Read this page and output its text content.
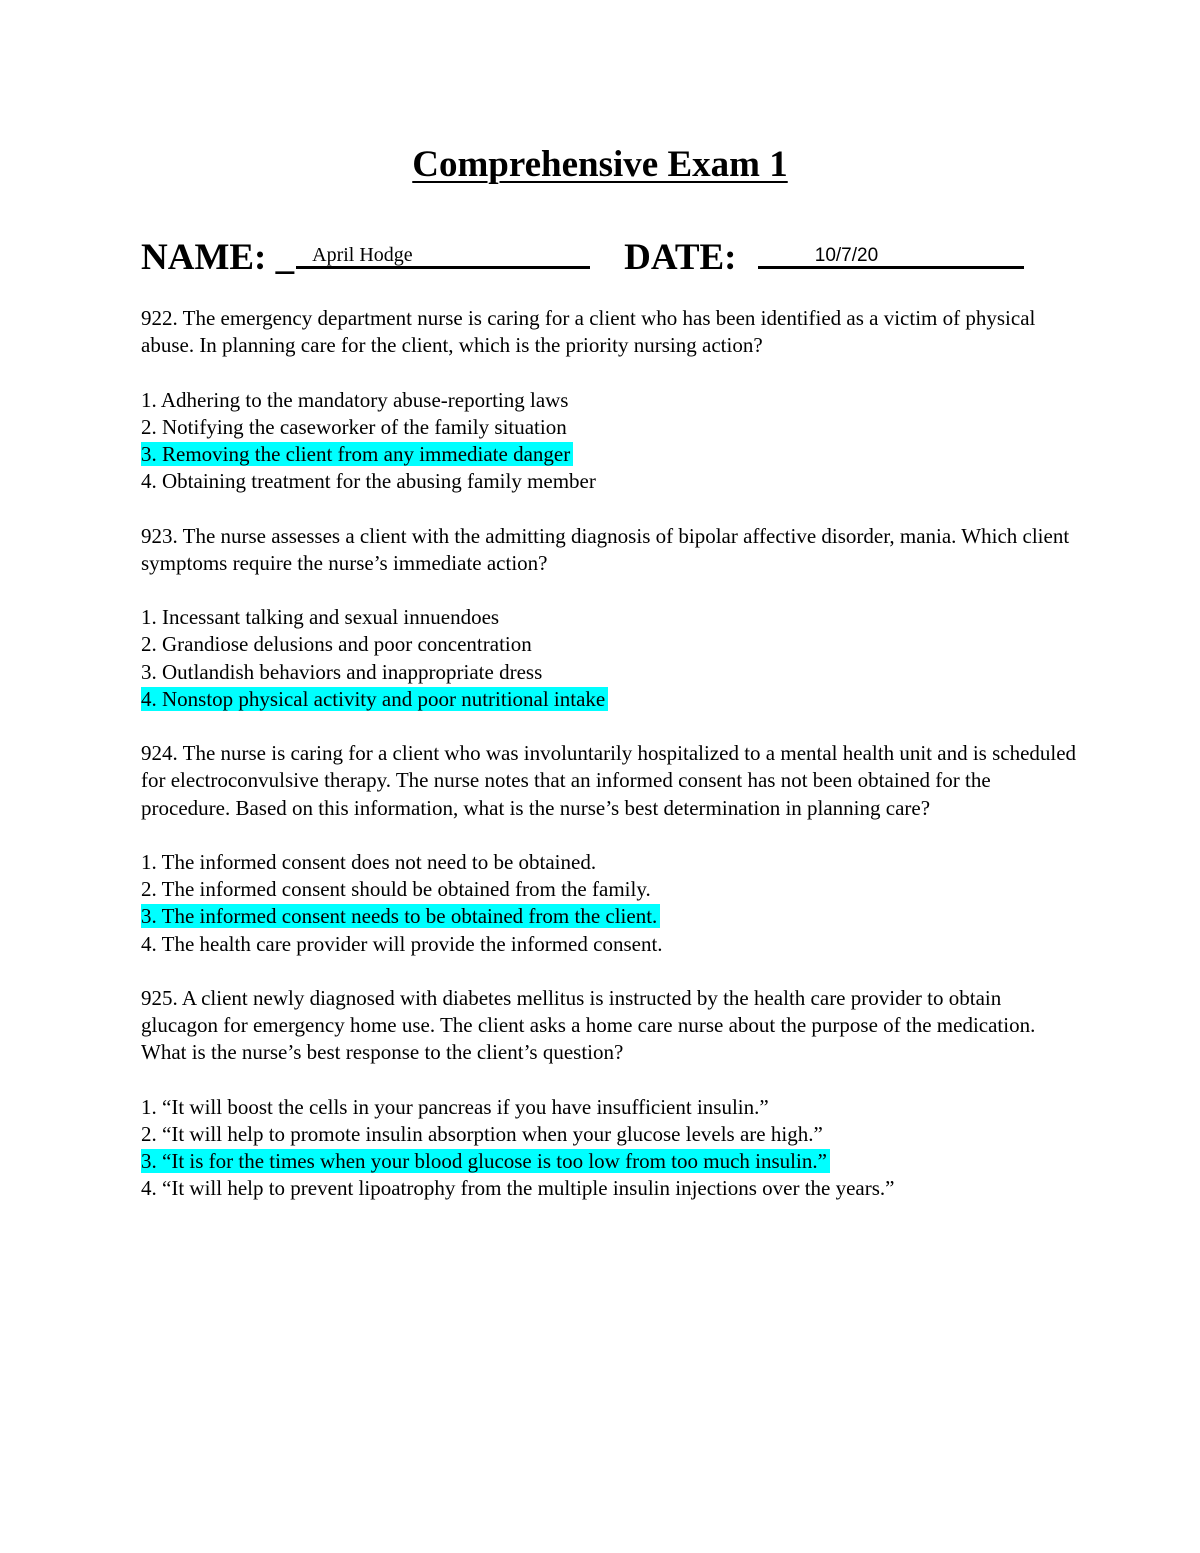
Comprehensive Exam 1
NAME: _ April Hodge	DATE:	10/7/20

922. The emergency department nurse is caring for a client who has been identified as a victim of physical abuse. In planning care for the client, which is the priority nursing action?

1. Adhering to the mandatory abuse-reporting laws
2. Notifying the caseworker of the family situation
3. Removing the client from any immediate danger
4. Obtaining treatment for the abusing family member

923. The nurse assesses a client with the admitting diagnosis of bipolar affective disorder, mania. Which client symptoms require the nurse’s immediate action?

1. Incessant talking and sexual innuendoes
2. Grandiose delusions and poor concentration
3. Outlandish behaviors and inappropriate dress
4. Nonstop physical activity and poor nutritional intake

924. The nurse is caring for a client who was involuntarily hospitalized to a mental health unit and is scheduled for electroconvulsive therapy. The nurse notes that an informed consent has not been obtained for the procedure. Based on this information, what is the nurse’s best determination in planning care?

1. The informed consent does not need to be obtained.
2. The informed consent should be obtained from the family.
3. The informed consent needs to be obtained from the client.
4. The health care provider will provide the informed consent.

925. A client newly diagnosed with diabetes mellitus is instructed by the health care provider to obtain glucagon for emergency home use. The client asks a home care nurse about the purpose of the medication. What is the nurse’s best response to the client’s question?

1. “It will boost the cells in your pancreas if you have insufficient insulin.”
2. “It will help to promote insulin absorption when your glucose levels are high.”
3. “It is for the times when your blood glucose is too low from too much insulin.”
4. “It will help to prevent lipoatrophy from the multiple insulin injections over the years.”
